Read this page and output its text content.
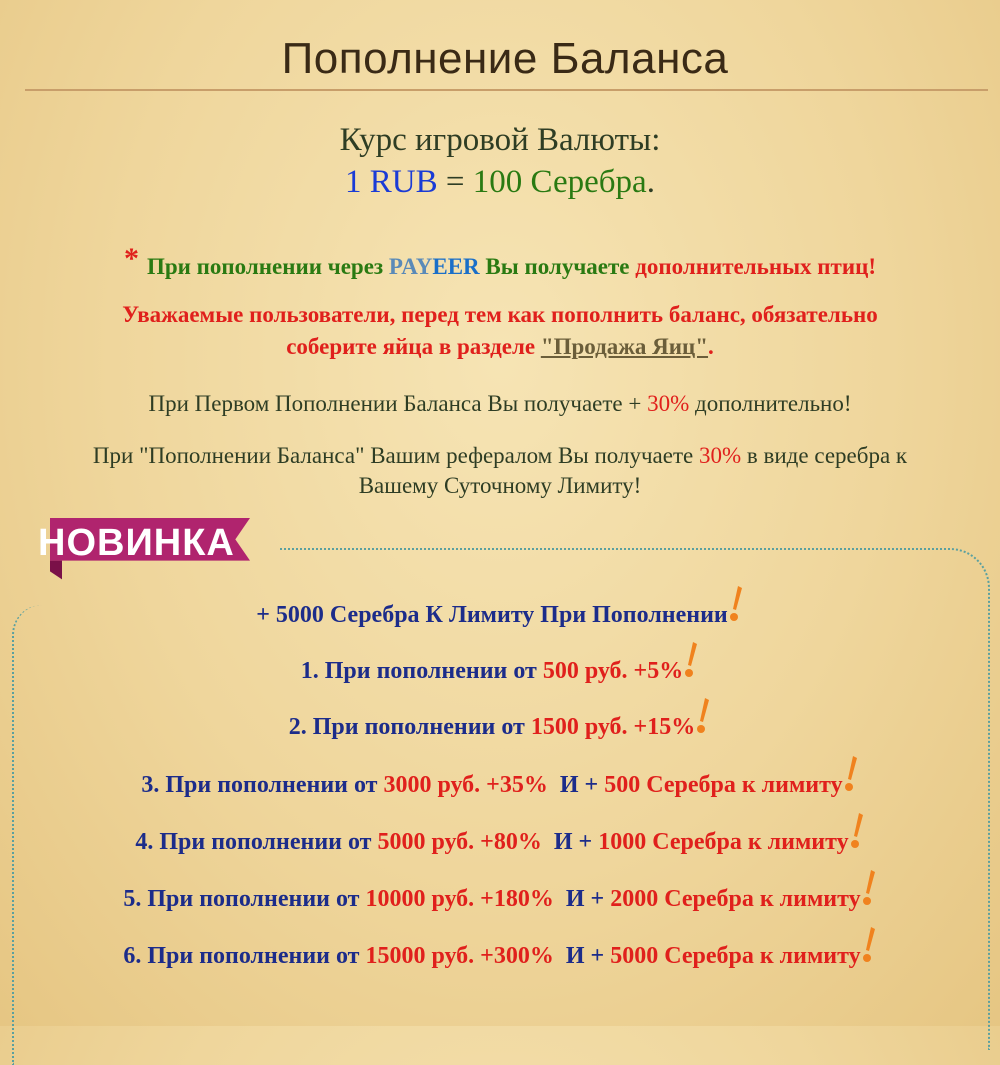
Пополнение Баланса
Курс игровой Валюты:
1 RUB = 100 Серебра.
* При пополнении через PAYEER Вы получаете дополнительных птиц!
Уважаемые пользователи, перед тем как пополнить баланс, обязательно
соберите яйца в разделе "Продажа Яиц".
При Первом Пополнении Баланса Вы получаете + 30% дополнительно!
При "Пополнении Баланса" Вашим рефералом Вы получаете 30% в виде серебра к
Вашему Суточному Лимиту!
НОВИНКА
+ 5000 Серебра К Лимиту При Пополнении
1. При пополнении от 500 руб. +5%
2. При пополнении от 1500 руб. +15%
3. При пополнении от 3000 руб. +35%  И + 500 Серебра к лимиту
4. При пополнении от 5000 руб. +80%  И + 1000 Серебра к лимиту
5. При пополнении от 10000 руб. +180%  И + 2000 Серебра к лимиту
6. При пополнении от 15000 руб. +300%  И + 5000 Серебра к лимиту
